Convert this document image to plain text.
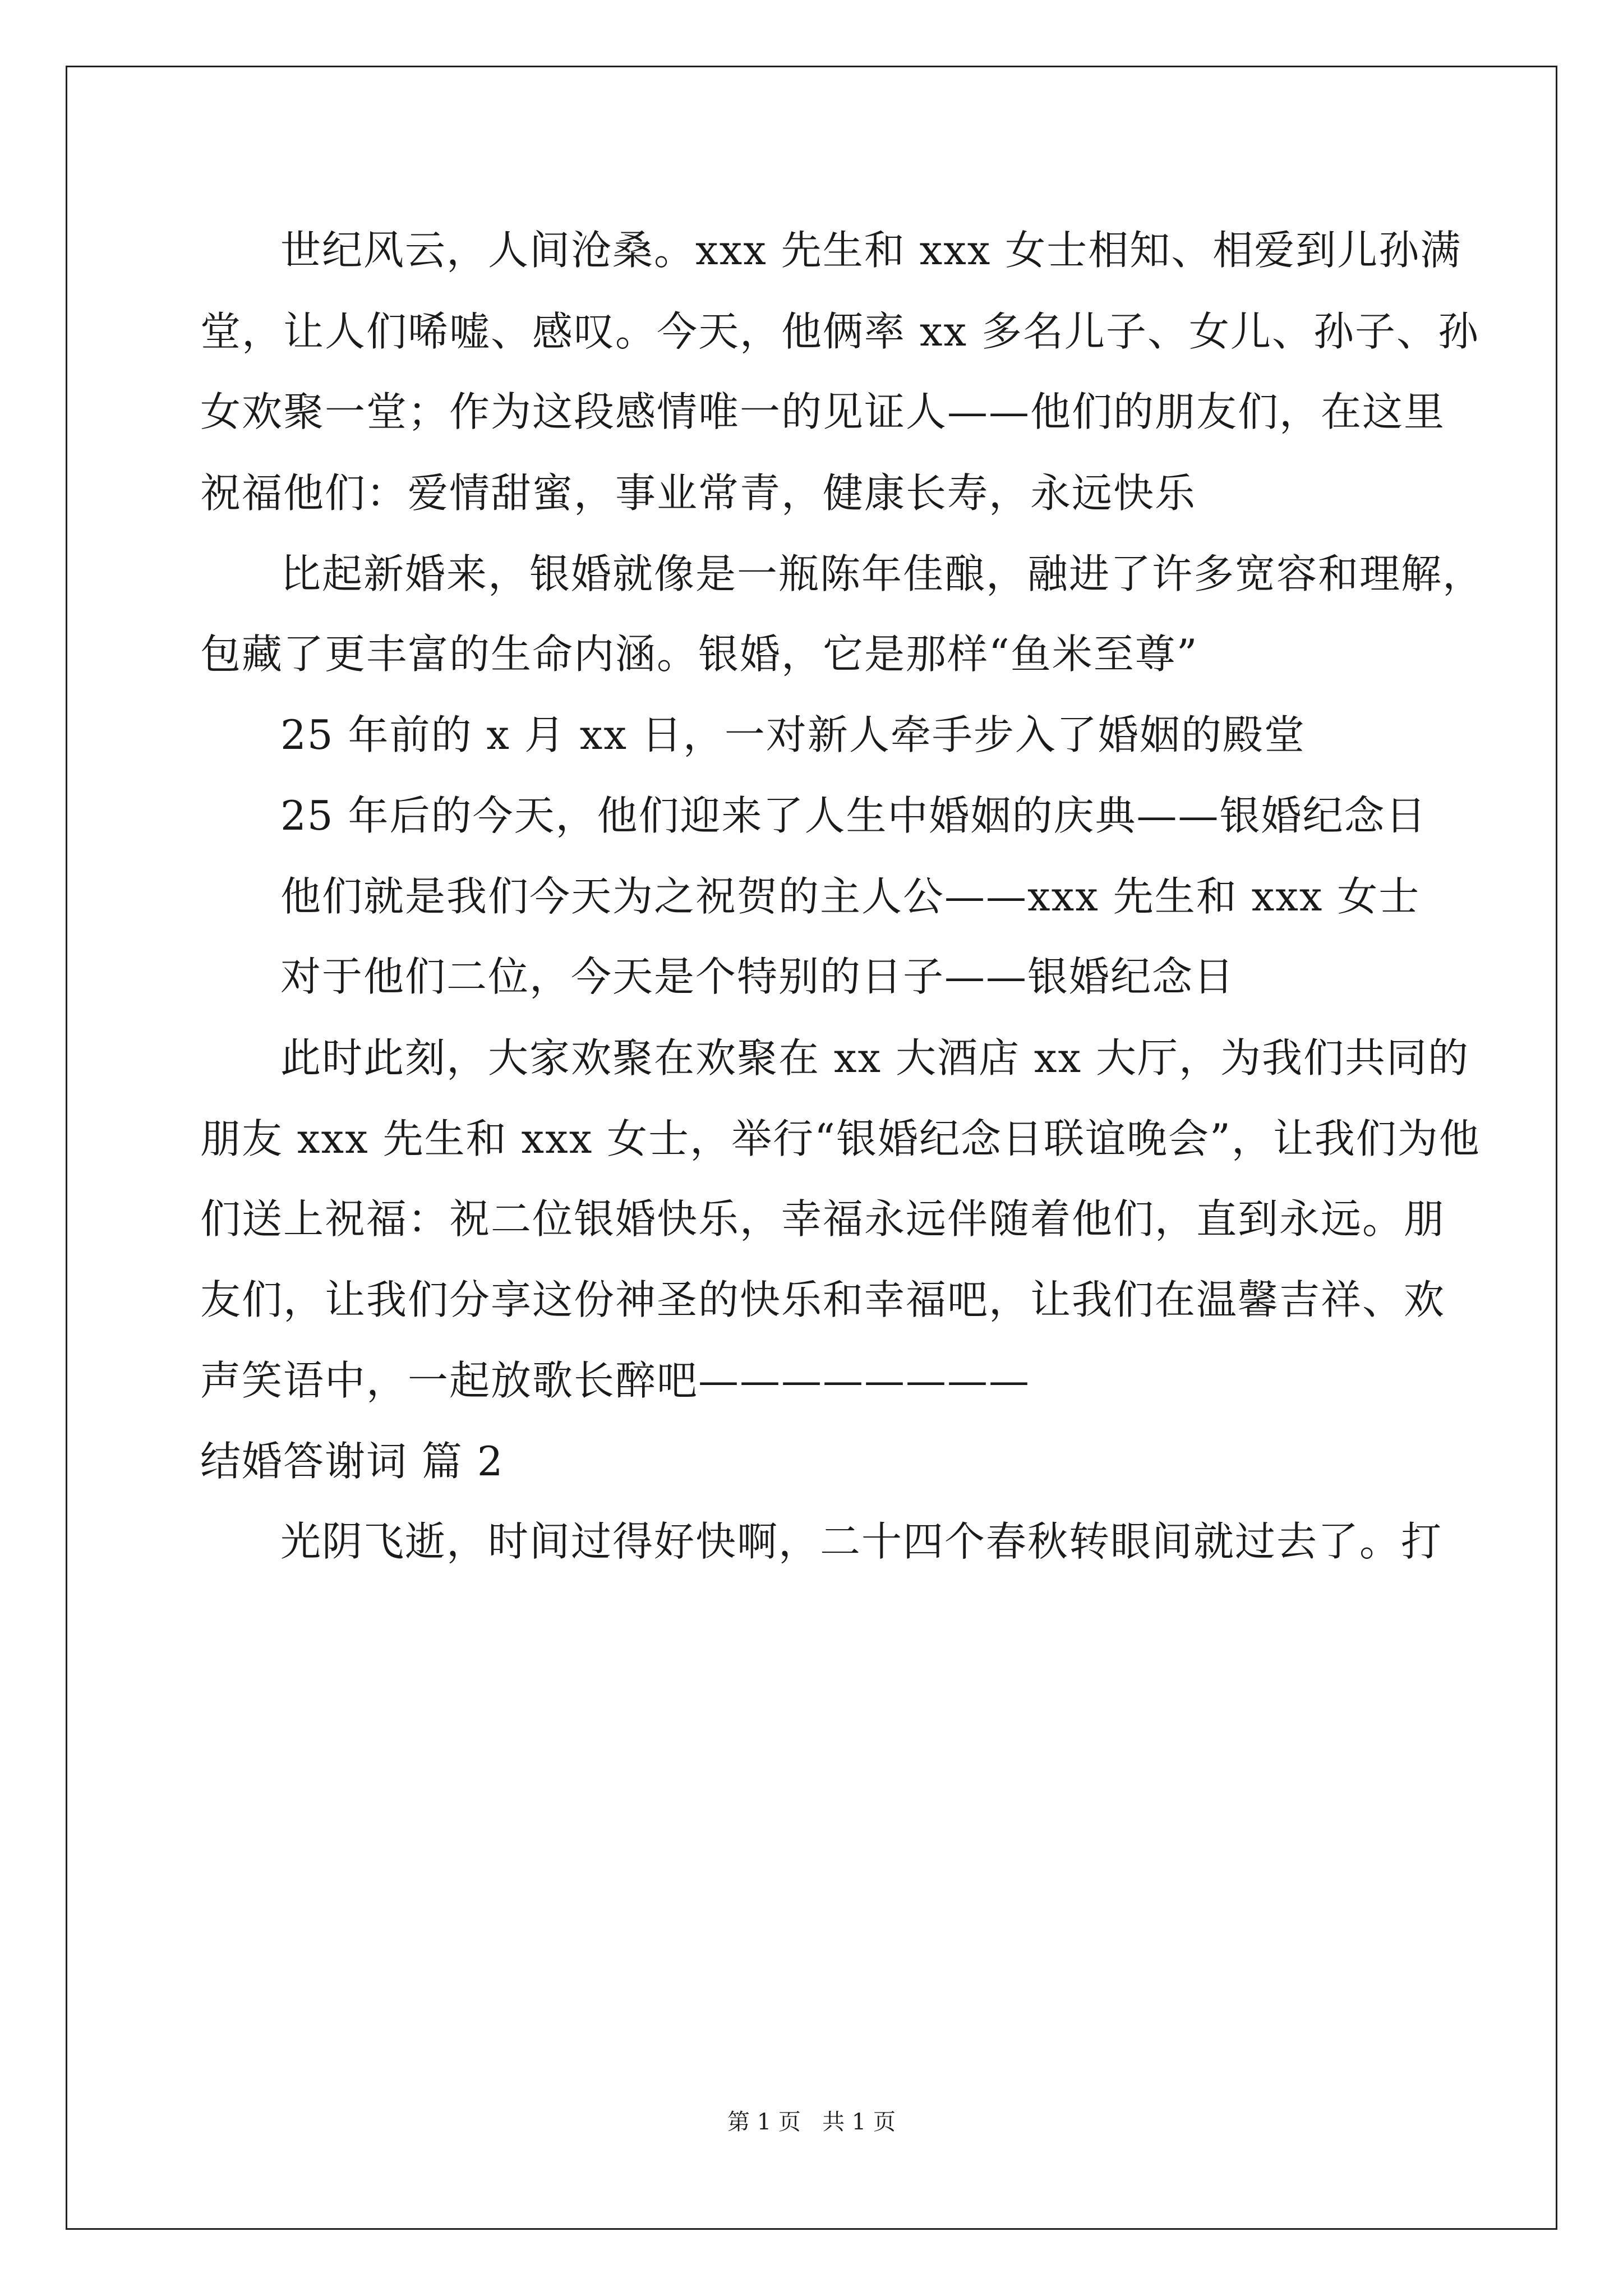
世纪风云，人间沧桑。xxx 先生和 xxx 女士相知、相爱到儿孙满
堂，让人们唏嘘、感叹。今天，他俩率 xx 多名儿子、女儿、孙子、孙
女欢聚一堂；作为这段感情唯一的见证人——他们的朋友们，在这里
祝福他们：爱情甜蜜，事业常青，健康长寿，永远快乐
比起新婚来，银婚就像是一瓶陈年佳酿，融进了许多宽容和理解，
包藏了更丰富的生命内涵。银婚，它是那样“鱼米至尊”
25 年前的 x 月 xx 日，一对新人牵手步入了婚姻的殿堂
25 年后的今天，他们迎来了人生中婚姻的庆典——银婚纪念日
他们就是我们今天为之祝贺的主人公——xxx 先生和 xxx 女士
对于他们二位，今天是个特别的日子——银婚纪念日
此时此刻，大家欢聚在欢聚在 xx 大酒店 xx 大厅，为我们共同的
朋友 xxx 先生和 xxx 女士，举行“银婚纪念日联谊晚会”，让我们为他
们送上祝福：祝二位银婚快乐，幸福永远伴随着他们，直到永远。朋
友们，让我们分享这份神圣的快乐和幸福吧，让我们在温馨吉祥、欢
声笑语中，一起放歌长醉吧————————
结婚答谢词 篇 2
光阴飞逝，时间过得好快啊，二十四个春秋转眼间就过去了。打
第 1 页   共 1 页
